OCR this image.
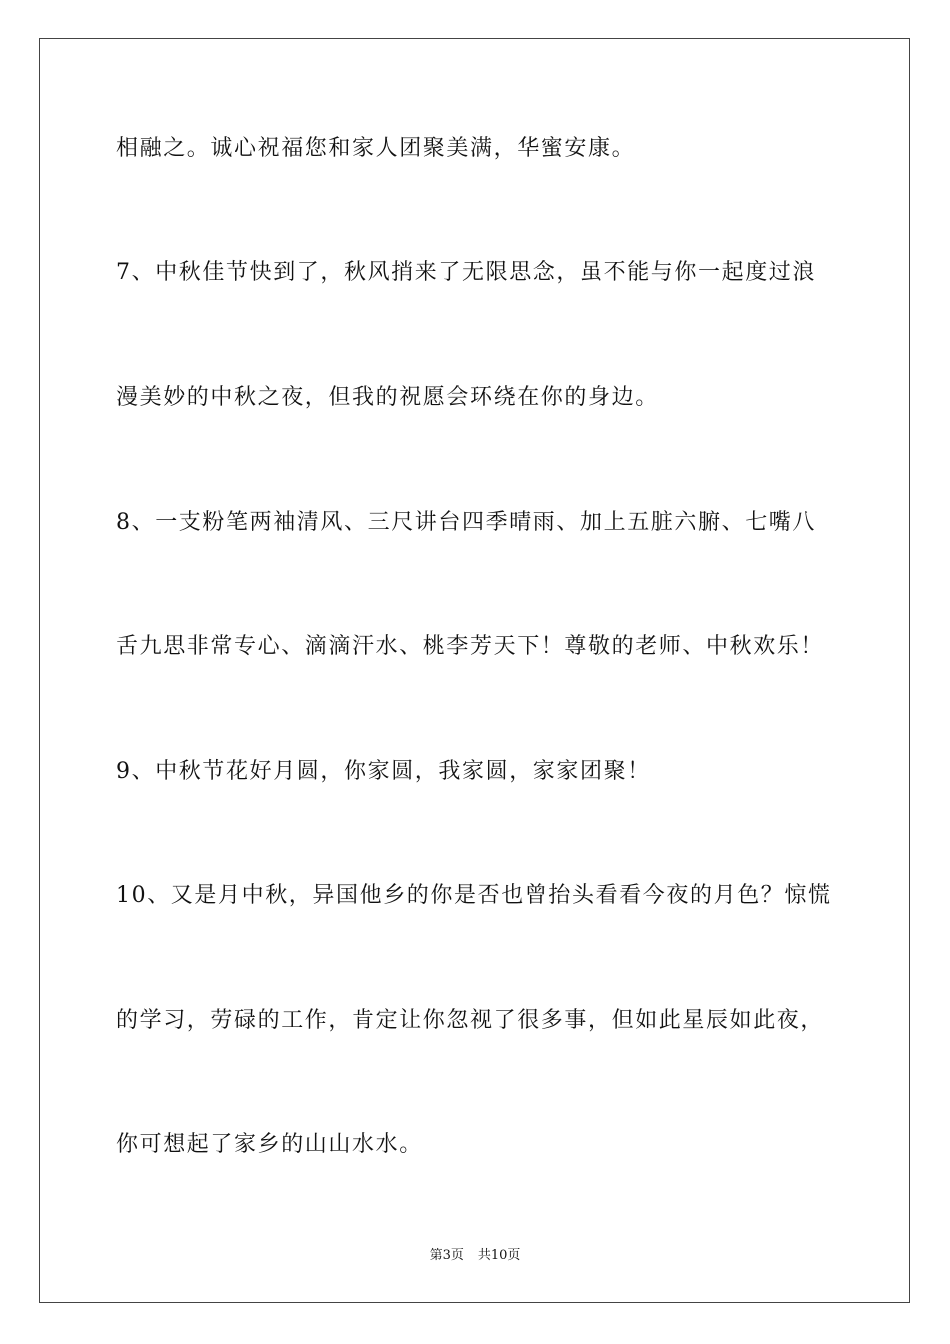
相融之。诚心祝福您和家人团聚美满，华蜜安康。
7、中秋佳节快到了，秋风捎来了无限思念，虽不能与你一起度过浪
漫美妙的中秋之夜，但我的祝愿会环绕在你的身边。
8、一支粉笔两袖清风、三尺讲台四季晴雨、加上五脏六腑、七嘴八
舌九思非常专心、滴滴汗水、桃李芳天下！尊敬的老师、中秋欢乐！
9、中秋节花好月圆，你家圆，我家圆，家家团聚！
10、又是月中秋，异国他乡的你是否也曾抬头看看今夜的月色？惊慌
的学习，劳碌的工作，肯定让你忽视了很多事，但如此星辰如此夜，
你可想起了家乡的山山水水。
第3页 共10页
